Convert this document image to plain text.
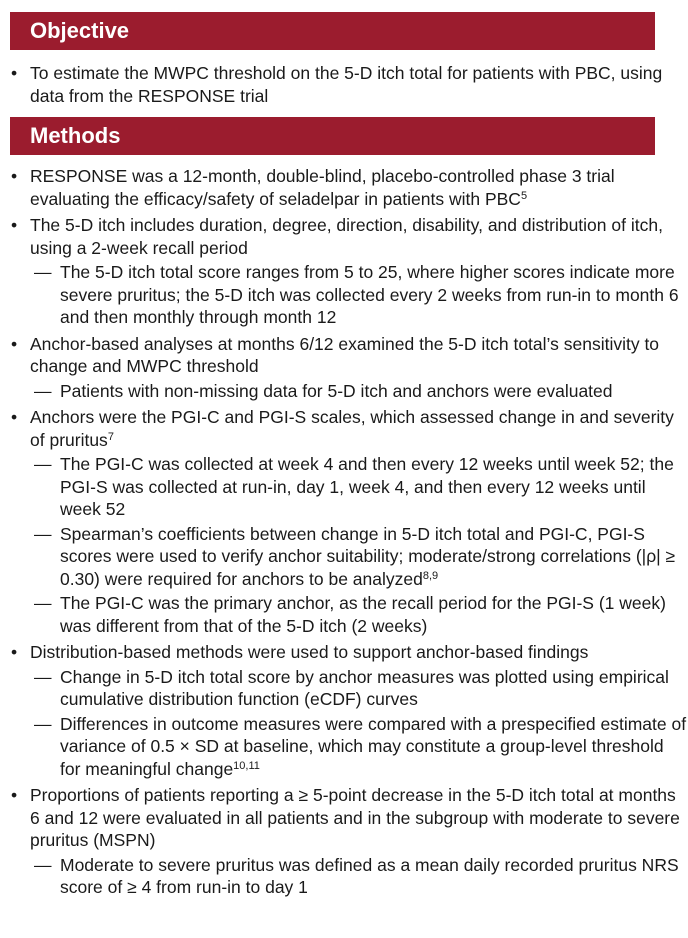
Objective
• To estimate the MWPC threshold on the 5-D itch total for patients with PBC, using data from the RESPONSE trial
Methods
• RESPONSE was a 12-month, double-blind, placebo-controlled phase 3 trial evaluating the efficacy/safety of seladelpar in patients with PBC$^5$
• The 5-D itch includes duration, degree, direction, disability, and distribution of itch, using a 2-week recall period
— The 5-D itch total score ranges from 5 to 25, where higher scores indicate more severe pruritus; the 5-D itch was collected every 2 weeks from run-in to month 6 and then monthly through month 12
• Anchor-based analyses at months 6/12 examined the 5-D itch total’s sensitivity to change and MWPC threshold
— Patients with non-missing data for 5-D itch and anchors were evaluated
• Anchors were the PGI-C and PGI-S scales, which assessed change in and severity of pruritus$^7$
— The PGI-C was collected at week 4 and then every 12 weeks until week 52; the PGI-S was collected at run-in, day 1, week 4, and then every 12 weeks until week 52
— Spearman’s coefficients between change in 5-D itch total and PGI-C, PGI-S scores were used to verify anchor suitability; moderate/strong correlations (|ρ| ≥ 0.30) were required for anchors to be analyzed$^{8,9}$
— The PGI-C was the primary anchor, as the recall period for the PGI-S (1 week) was different from that of the 5-D itch (2 weeks)
• Distribution-based methods were used to support anchor-based findings
— Change in 5-D itch total score by anchor measures was plotted using empirical cumulative distribution function (eCDF) curves
— Differences in outcome measures were compared with a prespecified estimate of variance of 0.5 × SD at baseline, which may constitute a group-level threshold for meaningful change$^{10,11}$
• Proportions of patients reporting a ≥ 5-point decrease in the 5-D itch total at months 6 and 12 were evaluated in all patients and in the subgroup with moderate to severe pruritus (MSPN)
— Moderate to severe pruritus was defined as a mean daily recorded pruritus NRS score of ≥ 4 from run-in to day 1
